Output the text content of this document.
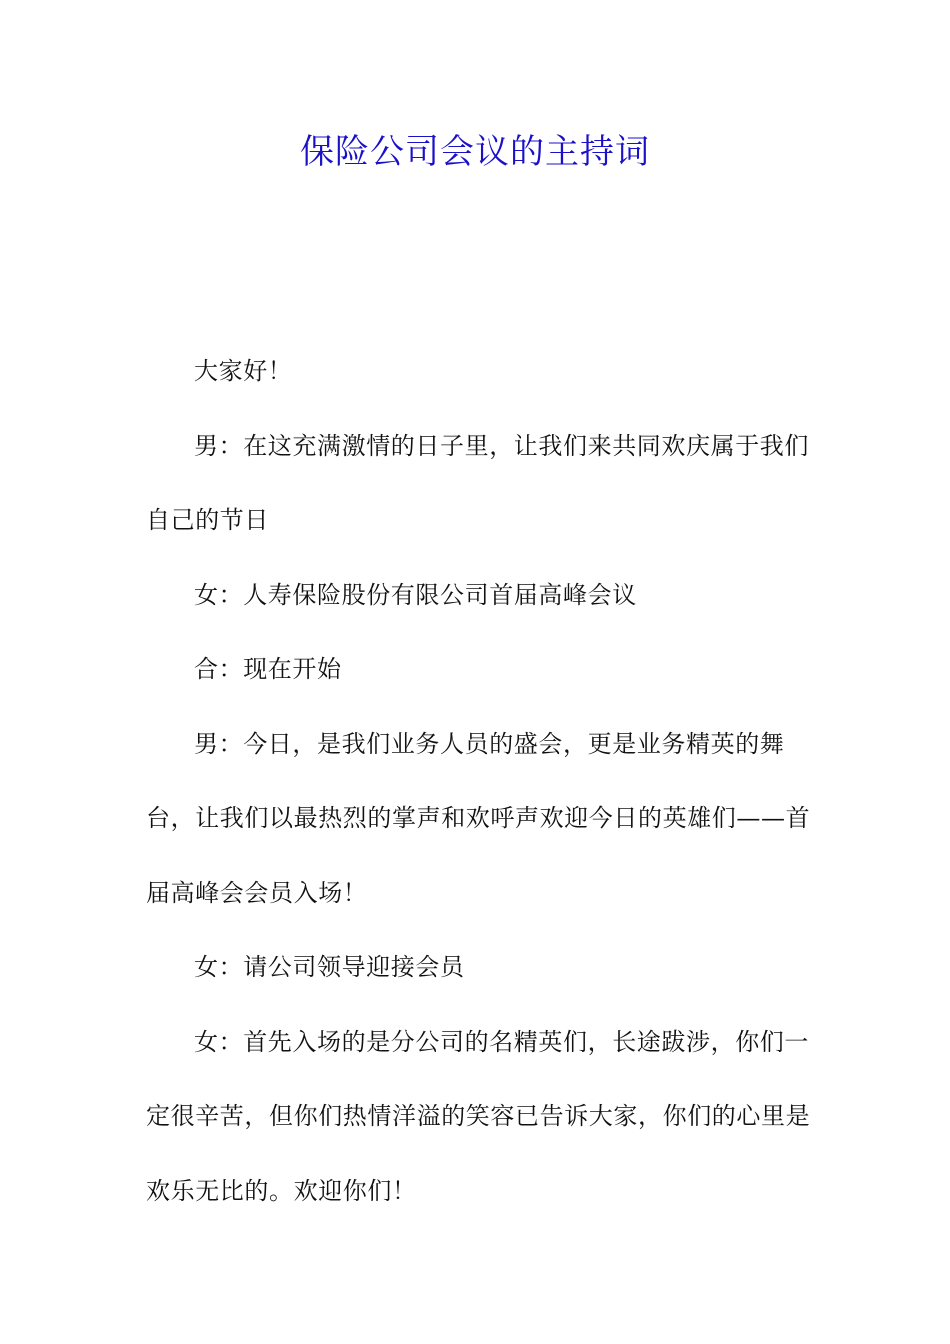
保险公司会议的主持词

大家好！

男：在这充满激情的日子里，让我们来共同欢庆属于我们自己的节日

女：人寿保险股份有限公司首届高峰会议

合：现在开始

男：今日，是我们业务人员的盛会，更是业务精英的舞台，让我们以最热烈的掌声和欢呼声欢迎今日的英雄们——首届高峰会会员入场！

女：请公司领导迎接会员

女：首先入场的是分公司的名精英们，长途跋涉，你们一定很辛苦，但你们热情洋溢的笑容已告诉大家，你们的心里是欢乐无比的。欢迎你们！
